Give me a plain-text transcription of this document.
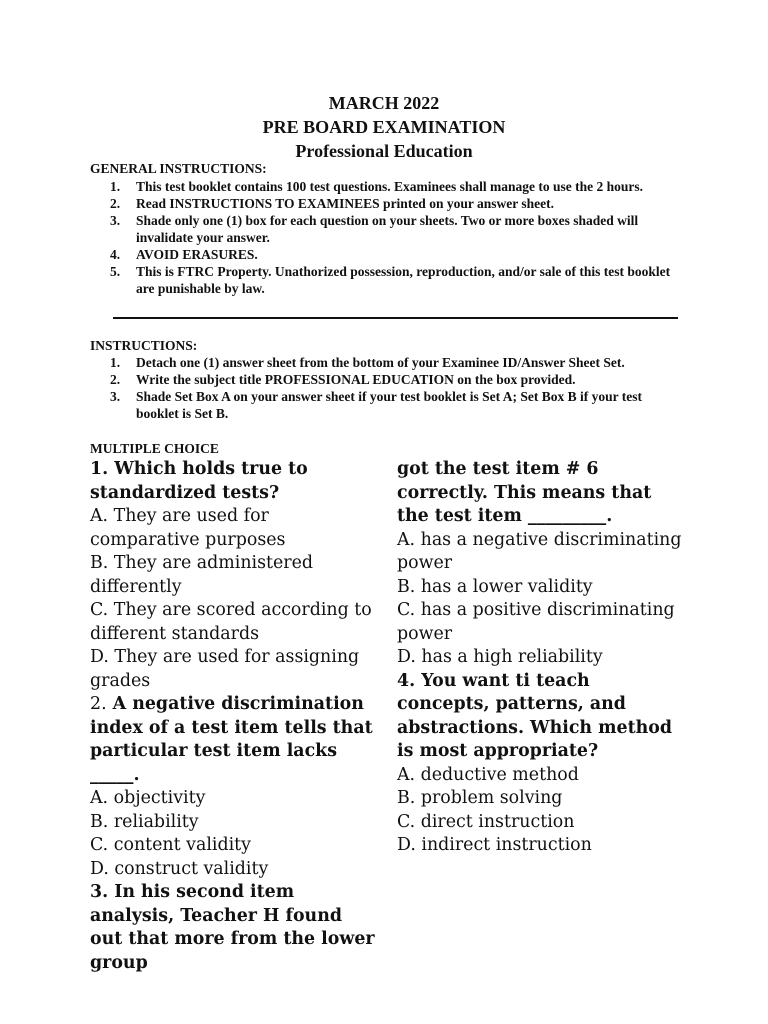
MARCH 2022
PRE BOARD EXAMINATION
Professional Education
GENERAL INSTRUCTIONS:
1. This test booklet contains 100 test questions. Examinees shall manage to use the 2 hours.
2. Read INSTRUCTIONS TO EXAMINEES printed on your answer sheet.
3. Shade only one (1) box for each question on your sheets. Two or more boxes shaded will invalidate your answer.
4. AVOID ERASURES.
5. This is FTRC Property. Unathorized possession, reproduction, and/or sale of this test booklet are punishable by law.
INSTRUCTIONS:
1. Detach one (1) answer sheet from the bottom of your Examinee ID/Answer Sheet Set.
2. Write the subject title PROFESSIONAL EDUCATION on the box provided.
3. Shade Set Box A on your answer sheet if your test booklet is Set A; Set Box B if your test booklet is Set B.
MULTIPLE CHOICE
1. Which holds true to standardized tests?
A. They are used for comparative purposes
B. They are administered differently
C. They are scored according to different standards
D. They are used for assigning grades
2. A negative discrimination index of a test item tells that particular test item lacks _____.
A. objectivity
B. reliability
C. content validity
D. construct validity
3. In his second item analysis, Teacher H found out that more from the lower group
got the test item # 6 correctly. This means that the test item _________.
A. has a negative discriminating power
B. has a lower validity
C. has a positive discriminating power
D. has a high reliability
4. You want ti teach concepts, patterns, and abstractions. Which method is most appropriate?
A. deductive method
B. problem solving
C. direct instruction
D. indirect instruction
